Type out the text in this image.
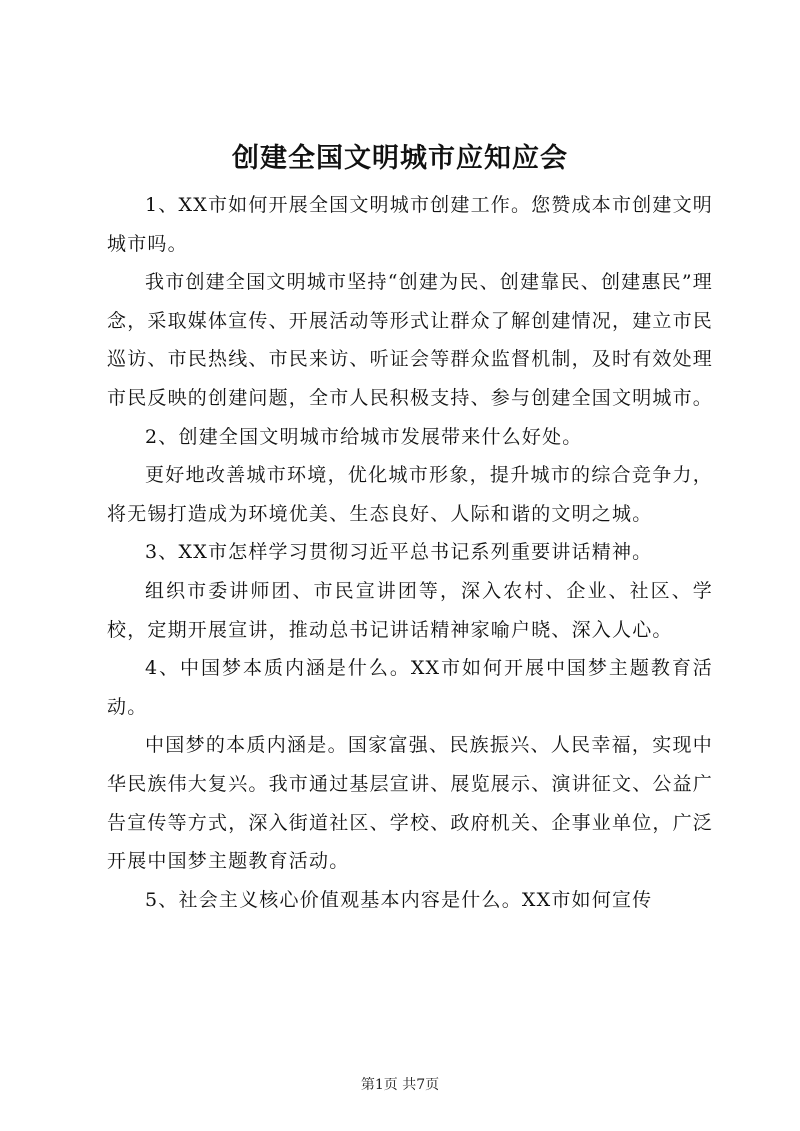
创建全国文明城市应知应会

1、XX市如何开展全国文明城市创建工作。您赞成本市创建文明城市吗。

我市创建全国文明城市坚持“创建为民、创建靠民、创建惠民”理念，采取媒体宣传、开展活动等形式让群众了解创建情况，建立市民巡访、市民热线、市民来访、听证会等群众监督机制，及时有效处理市民反映的创建问题，全市人民积极支持、参与创建全国文明城市。

2、创建全国文明城市给城市发展带来什么好处。

更好地改善城市环境，优化城市形象，提升城市的综合竞争力，将无锡打造成为环境优美、生态良好、人际和谐的文明之城。

3、XX市怎样学习贯彻习近平总书记系列重要讲话精神。

组织市委讲师团、市民宣讲团等，深入农村、企业、社区、学校，定期开展宣讲，推动总书记讲话精神家喻户晓、深入人心。

4、中国梦本质内涵是什么。XX市如何开展中国梦主题教育活动。

中国梦的本质内涵是。国家富强、民族振兴、人民幸福，实现中华民族伟大复兴。我市通过基层宣讲、展览展示、演讲征文、公益广告宣传等方式，深入街道社区、学校、政府机关、企事业单位，广泛开展中国梦主题教育活动。

5、社会主义核心价值观基本内容是什么。XX市如何宣传

第1页 共7页
